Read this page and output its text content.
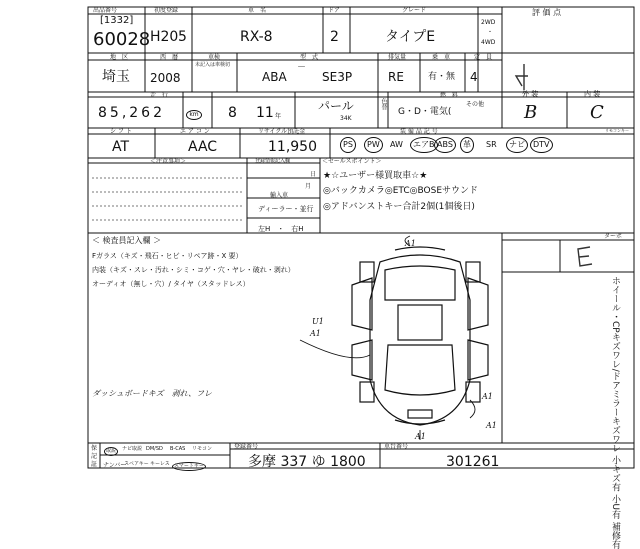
出品番号
[1332]
60028
初度登録
H20 5
車　名
RX-8
ドア
2
グレード
タイプE
2WD
・
4WD
評 価 点
地　区
埼玉
西　暦
2008
車検
未記入は車検切
型　式
ABA
－
SE3P
排気量
RE
乗　車
有・無
定　員
4
走　行
85,262	km 8 11 年
パール
34K
色替
燃　料
G・D・電気(
その他
外 装	内 装
B	C
シ フ ト
AT
エ ア コ ン
AAC
リサイクル預託金
11,950
装 備 品 記 号	リモコンキー
PS	PW	AW	エアB ABS	革	SR	ナビ	DTV
＜注意事項＞	登録情報記入欄
月
日
輸入車
ディーラー・並行
左H　・　右H
＜セールスポイント＞
★☆ユーザー様買取車☆★
◎バックカメラ◎ETC◎BOSEサウンド
◎アドバンストキー合計2個(1個後日)
＜ 検査員記入欄 ＞
Fガラス（キズ・飛石・ヒビ・リペア跡・X 要）
内装（キズ・スレ・汚れ・シミ・コゲ・穴・ヤレ・破れ・剥れ）
オーディオ（無し・穴）/ タイヤ（スタッドレス）
ダッシュボードキズ　剥れ、フレ
ターボ
ホイール・CPキズワレ/ドアミラーキズワレ 小キズ有 小U有 補修有
A1
A1
A1
A1
A1
U1
保
記
証
取説	ナビ取説 DM/SD B-CAS リモコン
ナンバー
スペアキー キーレス スマートキー
登録番号
多摩 337 ゆ 1800
車台番号
301261
